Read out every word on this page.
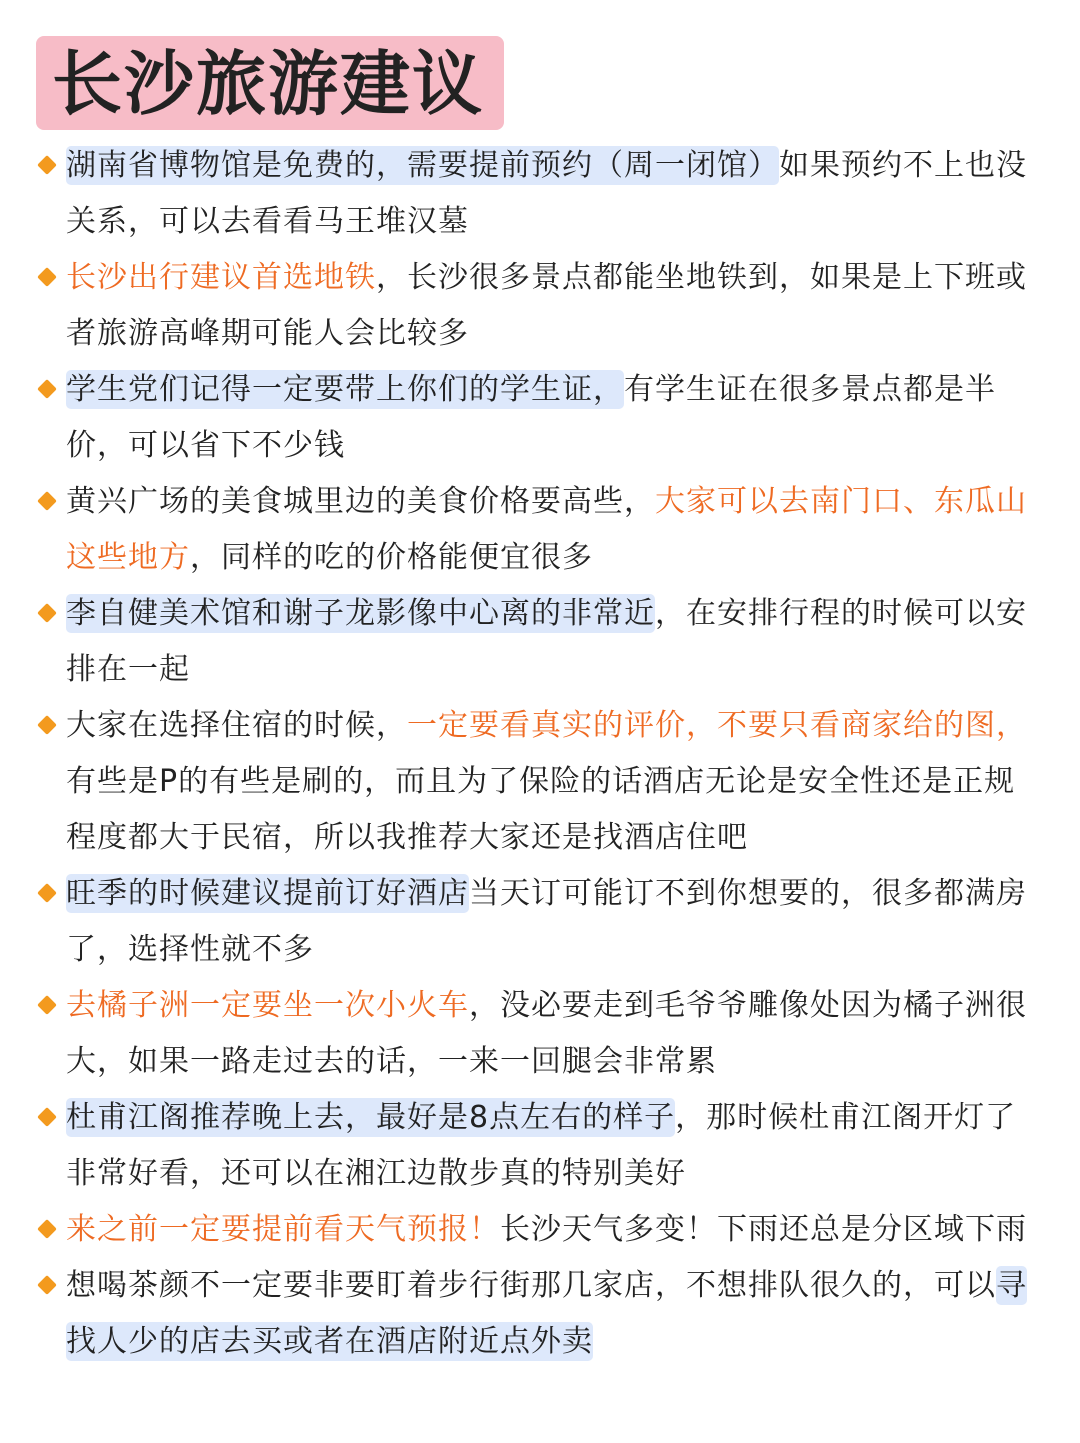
长沙旅游建议
湖南省博物馆是免费的，需要提前预约（周一闭馆）如果预约不上也没关系，可以去看看马王堆汉墓
长沙出行建议首选地铁，长沙很多景点都能坐地铁到，如果是上下班或者旅游高峰期可能人会比较多
学生党们记得一定要带上你们的学生证，有学生证在很多景点都是半价，可以省下不少钱
黄兴广场的美食城里边的美食价格要高些，大家可以去南门口、东瓜山这些地方，同样的吃的价格能便宜很多
李自健美术馆和谢子龙影像中心离的非常近，在安排行程的时候可以安排在一起
大家在选择住宿的时候，一定要看真实的评价，不要只看商家给的图，有些是P的有些是刷的，而且为了保险的话酒店无论是安全性还是正规程度都大于民宿，所以我推荐大家还是找酒店住吧
旺季的时候建议提前订好酒店当天订可能订不到你想要的，很多都满房了，选择性就不多
去橘子洲一定要坐一次小火车，没必要走到毛爷爷雕像处因为橘子洲很大，如果一路走过去的话，一来一回腿会非常累
杜甫江阁推荐晚上去，最好是8点左右的样子，那时候杜甫江阁开灯了非常好看，还可以在湘江边散步真的特别美好
来之前一定要提前看天气预报！长沙天气多变！下雨还总是分区域下雨
想喝茶颜不一定要非要盯着步行街那几家店，不想排队很久的，可以寻找人少的店去买或者在酒店附近点外卖
